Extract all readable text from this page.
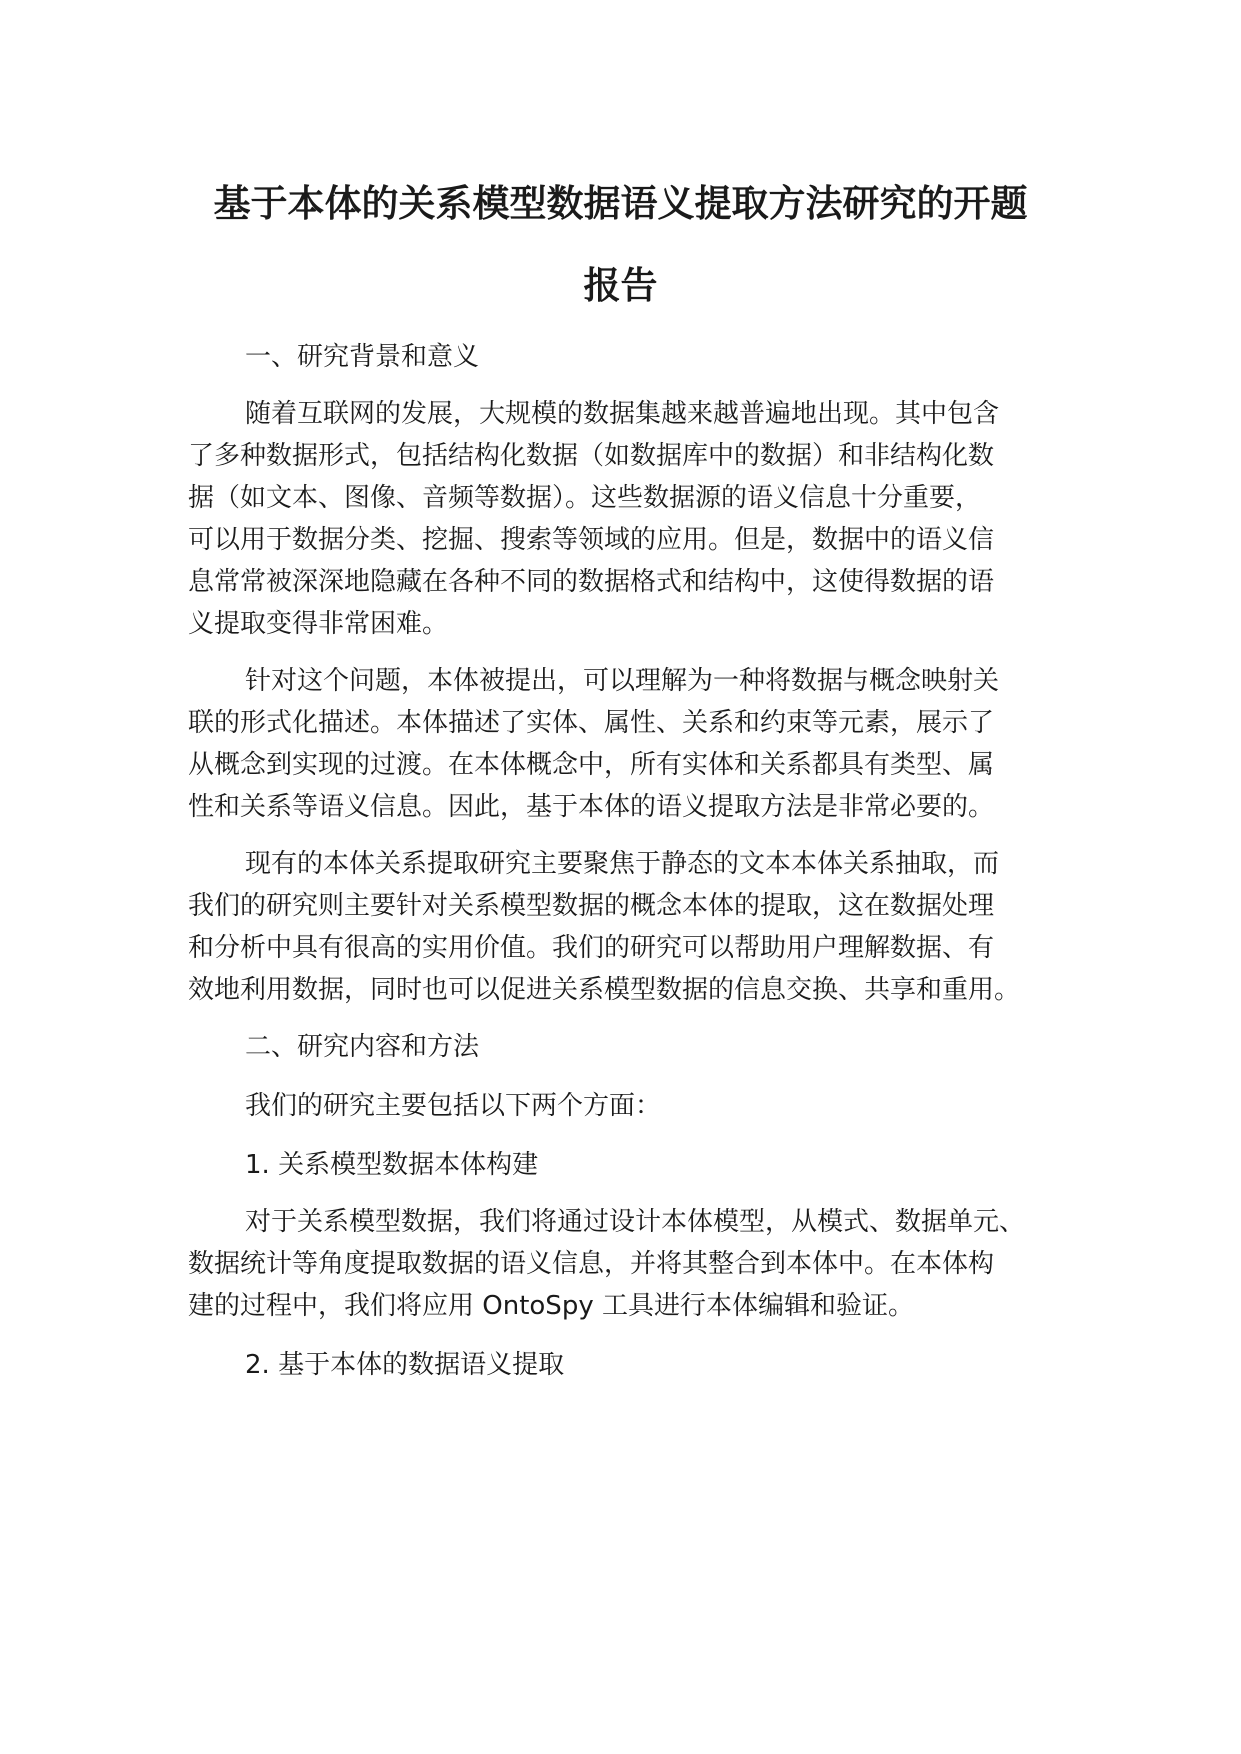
基于本体的关系模型数据语义提取方法研究的开题
报告
一、研究背景和意义
随着互联网的发展，大规模的数据集越来越普遍地出现。其中包含
了多种数据形式，包括结构化数据（如数据库中的数据）和非结构化数
据（如文本、图像、音频等数据）。这些数据源的语义信息十分重要，
可以用于数据分类、挖掘、搜索等领域的应用。但是，数据中的语义信
息常常被深深地隐藏在各种不同的数据格式和结构中，这使得数据的语
义提取变得非常困难。
针对这个问题，本体被提出，可以理解为一种将数据与概念映射关
联的形式化描述。本体描述了实体、属性、关系和约束等元素，展示了
从概念到实现的过渡。在本体概念中，所有实体和关系都具有类型、属
性和关系等语义信息。因此，基于本体的语义提取方法是非常必要的。
现有的本体关系提取研究主要聚焦于静态的文本本体关系抽取，而
我们的研究则主要针对关系模型数据的概念本体的提取，这在数据处理
和分析中具有很高的实用价值。我们的研究可以帮助用户理解数据、有
效地利用数据，同时也可以促进关系模型数据的信息交换、共享和重用。
二、研究内容和方法
我们的研究主要包括以下两个方面：
1. 关系模型数据本体构建
对于关系模型数据，我们将通过设计本体模型，从模式、数据单元、
数据统计等角度提取数据的语义信息，并将其整合到本体中。在本体构
建的过程中，我们将应用 OntoSpy 工具进行本体编辑和验证。
2. 基于本体的数据语义提取
